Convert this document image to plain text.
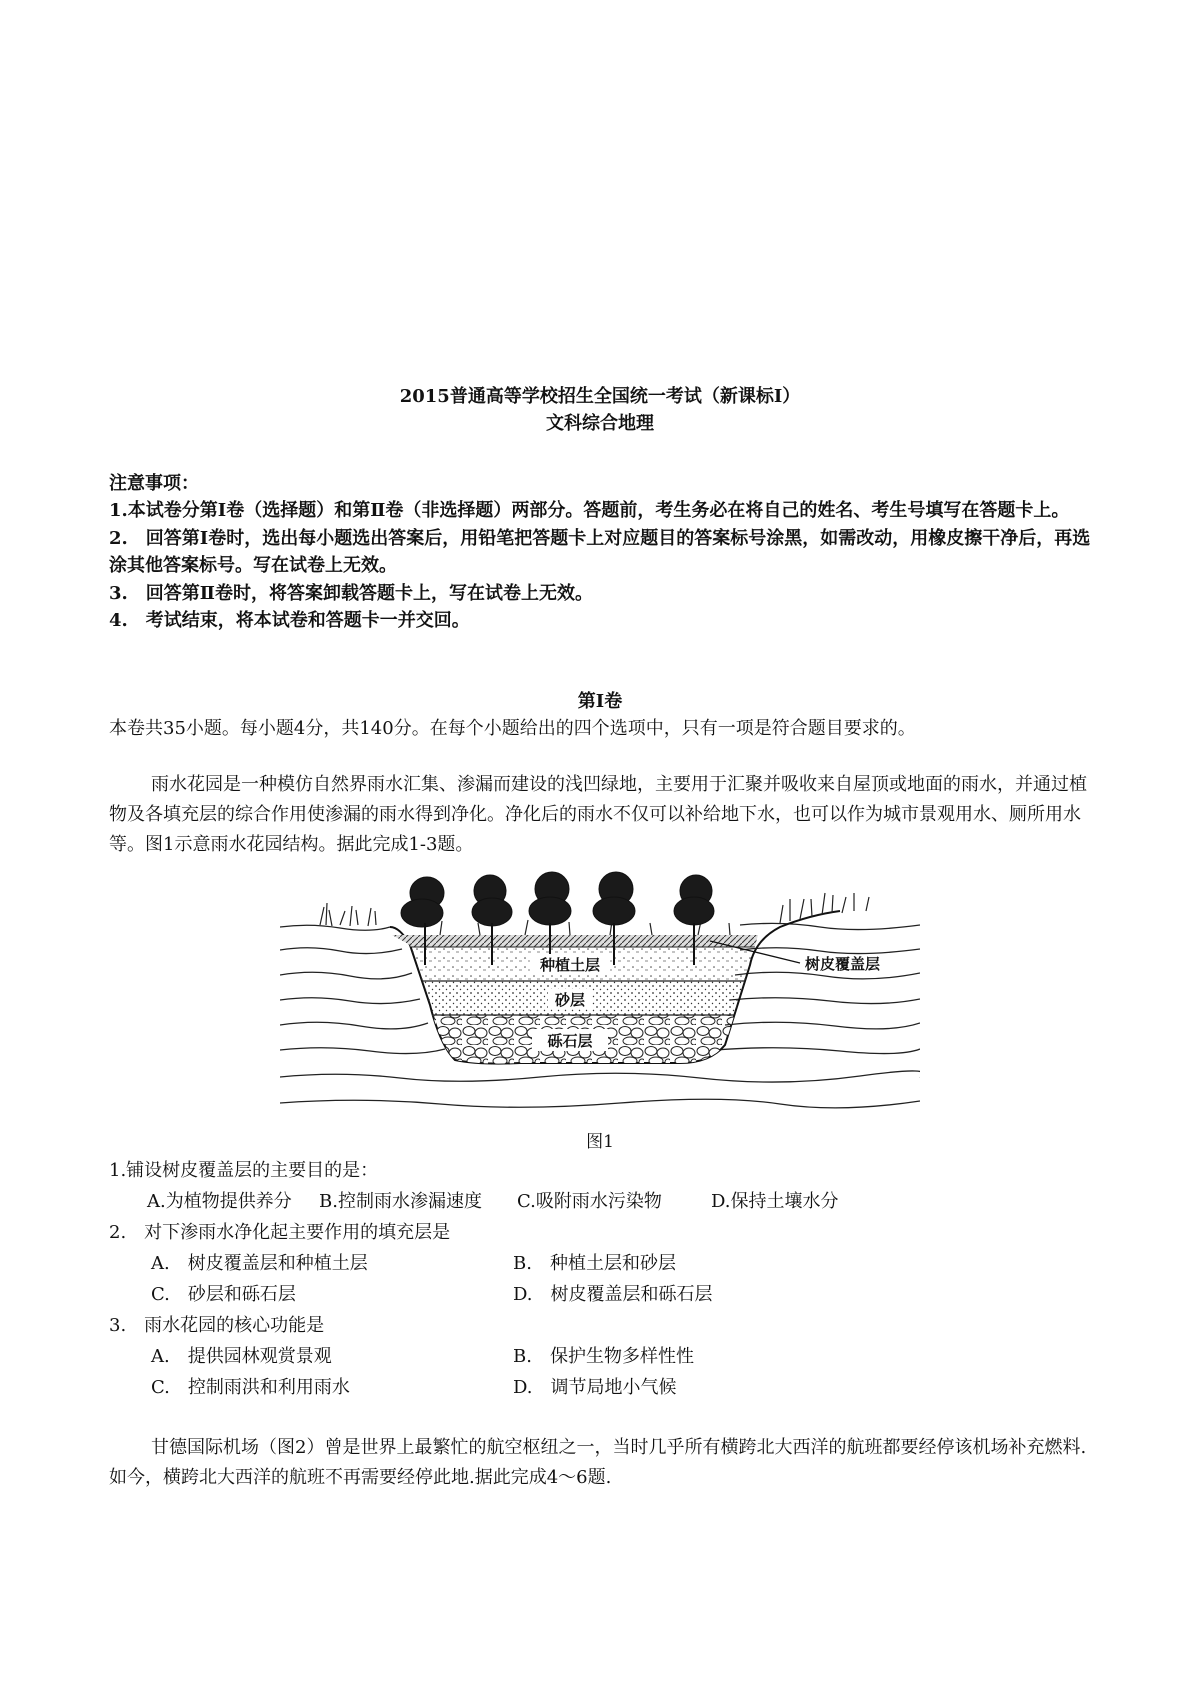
2015普通高等学校招生全国统一考试（新课标Ⅰ）
文科综合地理
注意事项：
1.本试卷分第Ⅰ卷（选择题）和第Ⅱ卷（非选择题）两部分。答题前，考生务必在将自己的姓名、考生号填写在答题卡上。
2.　回答第Ⅰ卷时，选出每小题选出答案后，用铅笔把答题卡上对应题目的答案标号涂黑，如需改动，用橡皮擦干净后，再选涂其他答案标号。写在试卷上无效。
3.　回答第Ⅱ卷时，将答案卸载答题卡上，写在试卷上无效。
4.　考试结束，将本试卷和答题卡一并交回。
第Ⅰ卷
本卷共35小题。每小题4分，共140分。在每个小题给出的四个选项中，只有一项是符合题目要求的。
雨水花园是一种模仿自然界雨水汇集、渗漏而建设的浅凹绿地，主要用于汇聚并吸收来自屋顶或地面的雨水，并通过植物及各填充层的综合作用使渗漏的雨水得到净化。净化后的雨水不仅可以补给地下水，也可以作为城市景观用水、厕所用水等。图1示意雨水花园结构。据此完成1-3题。
种植土层
砂层
砾石层
树皮覆盖层
图1
1.铺设树皮覆盖层的主要目的是：
A.为植物提供养分 B.控制雨水渗漏速度 C.吸附雨水污染物	D.保持土壤水分
2.　对下渗雨水净化起主要作用的填充层是
A.　树皮覆盖层和种植土层	B.　种植土层和砂层
C.　砂层和砾石层	D.　树皮覆盖层和砾石层
3.　雨水花园的核心功能是
A.　提供园林观赏景观	B.　保护生物多样性性
C.　控制雨洪和利用雨水	D.　调节局地小气候
甘德国际机场（图2）曾是世界上最繁忙的航空枢纽之一，当时几乎所有横跨北大西洋的航班都要经停该机场补充燃料.如今，横跨北大西洋的航班不再需要经停此地.据此完成4～6题.
